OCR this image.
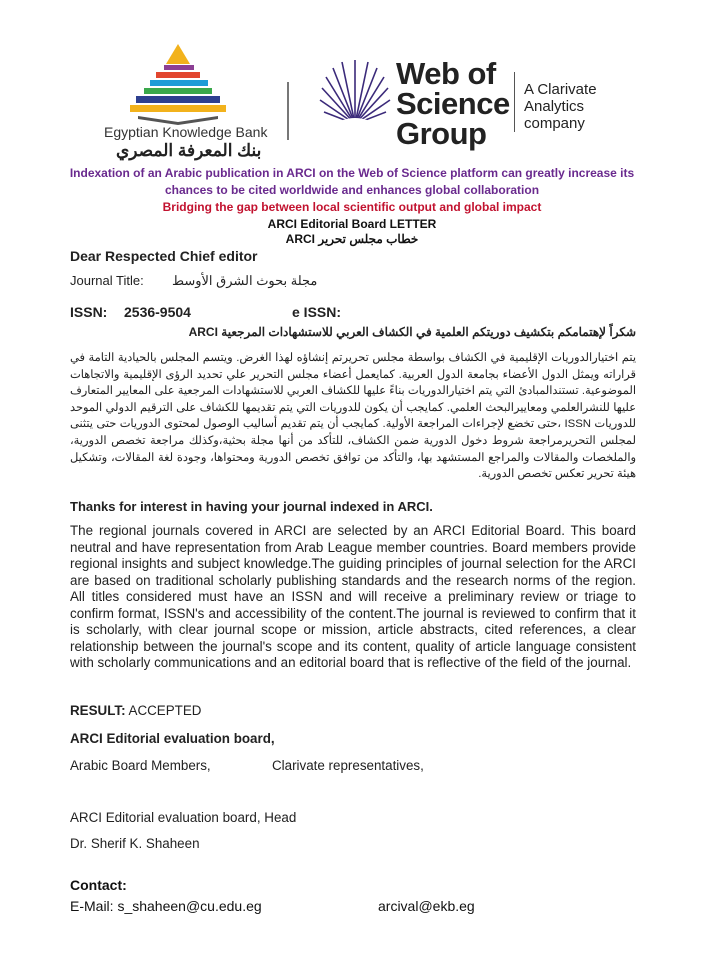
Egyptian Knowledge Bank
بنك المعرفة المصري
Web of
Science
Group
A Clarivate
Analytics
company
Indexation of an Arabic publication in ARCI on the Web of Science platform can greatly increase its
chances to be cited worldwide and enhances global collaboration
Bridging the gap between local scientific output and global impact
ARCI Editorial Board LETTER
خطاب مجلس تحرير ARCI
Dear Respected Chief editor
Journal Title: مجلة بحوث الشرق الأوسط
ISSN: 2536-9504	e ISSN:
شكراً لإهتمامكم بتكشيف دوريتكم العلمية في الكشاف العربي للاستشهادات المرجعية ARCI
يتم اختيارالدوريات الإقليمية في الكشاف بواسطة مجلس تحريرتم إنشاؤه لهذا الغرض. ويتسم المجلس بالحيادية التامة في قراراته ويمثل الدول الأعضاء بجامعة الدول العربية. كمايعمل أعضاء مجلس التحرير علي تحديد الرؤى الإقليمية والاتجاهات الموضوعية. تستندالمبادئ التي يتم اختيارالدوريات بناءً عليها للكشاف العربي للاستشهادات المرجعية على المعايير المتعارف عليها للنشرالعلمي ومعاييرالبحث العلمي. كمايجب أن يكون للدوريات التي يتم تقديمها للكشاف على الترقيم الدولي الموحد للدوريات ISSN ،حتى تخضع لإجراءات المراجعة الأولية. كمايجب أن يتم تقديم أساليب الوصول لمحتوى الدوريات حتى يتثنى لمجلس التحريرمراجعة شروط دخول الدورية ضمن الكشاف، للتأكد من أنها مجلة بحثية،وكذلك مراجعة تخصص الدورية، والملخصات والمقالات والمراجع المستشهد بها، والتأكد من توافق تخصص الدورية ومحتواها، وجودة لغة المقالات، وتشكيل هيئة تحرير تعكس تخصص الدورية.
Thanks for interest in having your journal indexed in ARCI.
The regional journals covered in ARCI are selected by an ARCI Editorial Board. This board neutral and have representation from Arab League member countries. Board members provide regional insights and subject knowledge.The guiding principles of journal selection for the ARCI are based on traditional scholarly publishing standards and the research norms of the region. All titles considered must have an ISSN and will receive a preliminary review or triage to confirm format, ISSN's and accessibility of the content.The journal is reviewed to confirm that it is scholarly, with clear journal scope or mission, article abstracts, cited references, a clear relationship between the journal's scope and its content, quality of article language consistent with scholarly communications and an editorial board that is reflective of the field of the journal.
RESULT: ACCEPTED
ARCI Editorial evaluation board,
Arabic Board Members,	Clarivate representatives,
ARCI Editorial evaluation board, Head
Dr. Sherif K. Shaheen
Contact:
E-Mail: s_shaheen@cu.edu.eg	arcival@ekb.eg
